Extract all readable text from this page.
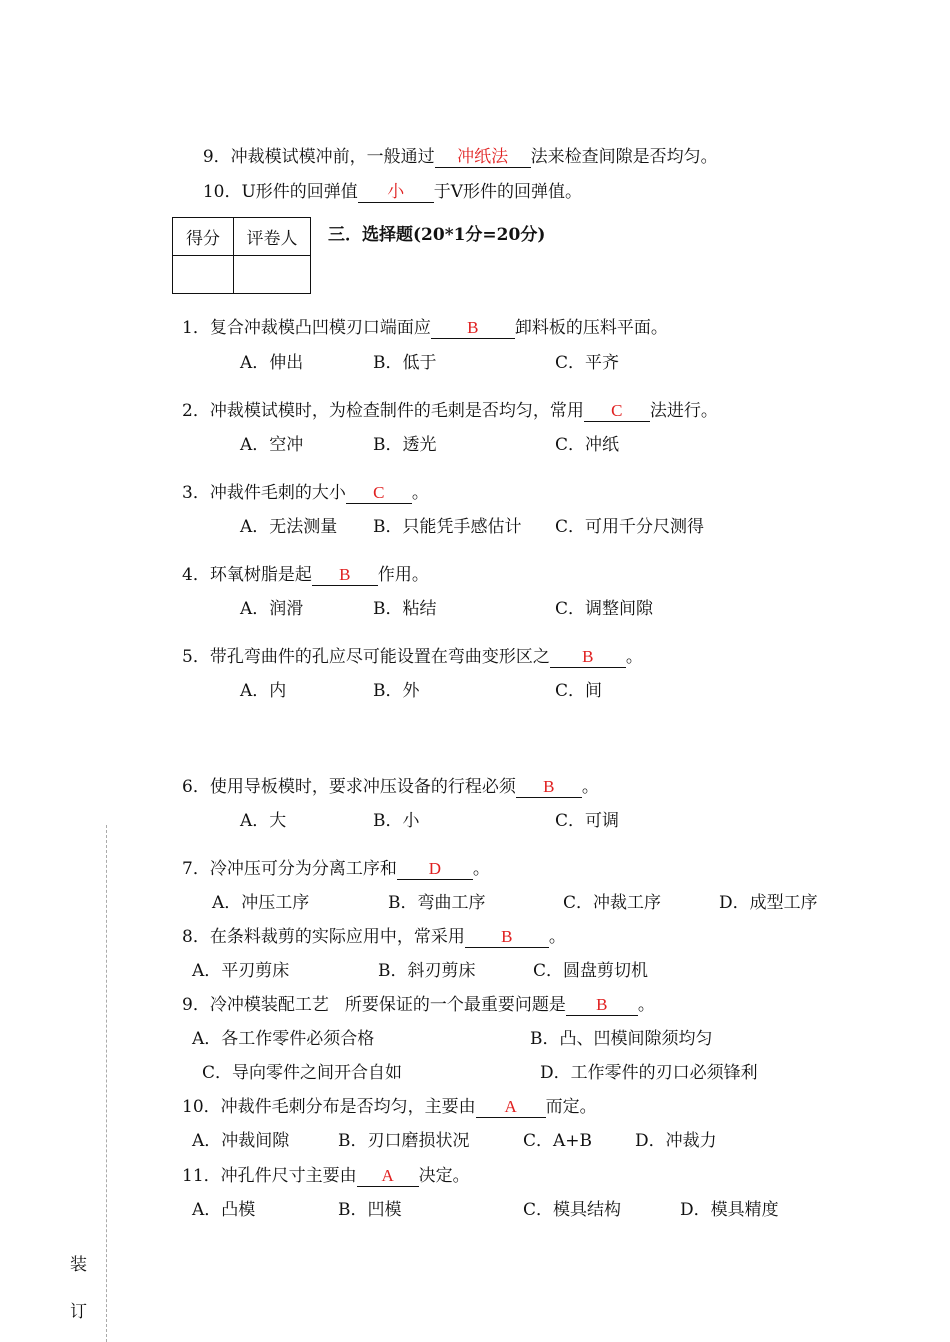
9．冲裁模试模冲前，一般通过 冲纸法 法来检查间隙是否均匀。

10．U形件的回弹值 小 于V形件的回弹值。

得分	评卷人
	三．选择题(20*1分=20分)
1．复合冲裁模凸凹模刃口端面应 B 卸料板的压料平面。
A．伸出	B．低于	C．平齐
2．冲裁模试模时，为检查制件的毛刺是否均匀，常用 C 法进行。
A．空冲	B．透光	C．冲纸
3．冲裁件毛刺的大小 C 。
A．无法测量 B．只能凭手感估计 C．可用千分尺测得
4．环氧树脂是起 B 作用。
A．润滑	B．粘结	C．调整间隙
5．带孔弯曲件的孔应尽可能设置在弯曲变形区之 B 。
A．内	B．外	C．间
6．使用导板模时，要求冲压设备的行程必须 B 。
A．大	B．小	C．可调
7．冷冲压可分为分离工序和 D 。
A．冲压工序	B．弯曲工序	C．冲裁工序	D．成型工序
8．在条料裁剪的实际应用中，常采用 B 。
A．平刃剪床	B．斜刃剪床	C．圆盘剪切机
9．冷冲模装配工艺 所要保证的一个最重要问题是 B 。
A．各工作零件必须合格	B．凸、凹模间隙须均匀
C．导向零件之间开合自如	D．工作零件的刃口必须锋利
10．冲裁件毛刺分布是否均匀，主要由 A 而定。
A．冲裁间隙	B．刃口磨损状况	C．A+B	D．冲裁力
11．冲孔件尺寸主要由 A 决定。
A．凸模	B．凹模	C．模具结构	D．模具精度
装
订
